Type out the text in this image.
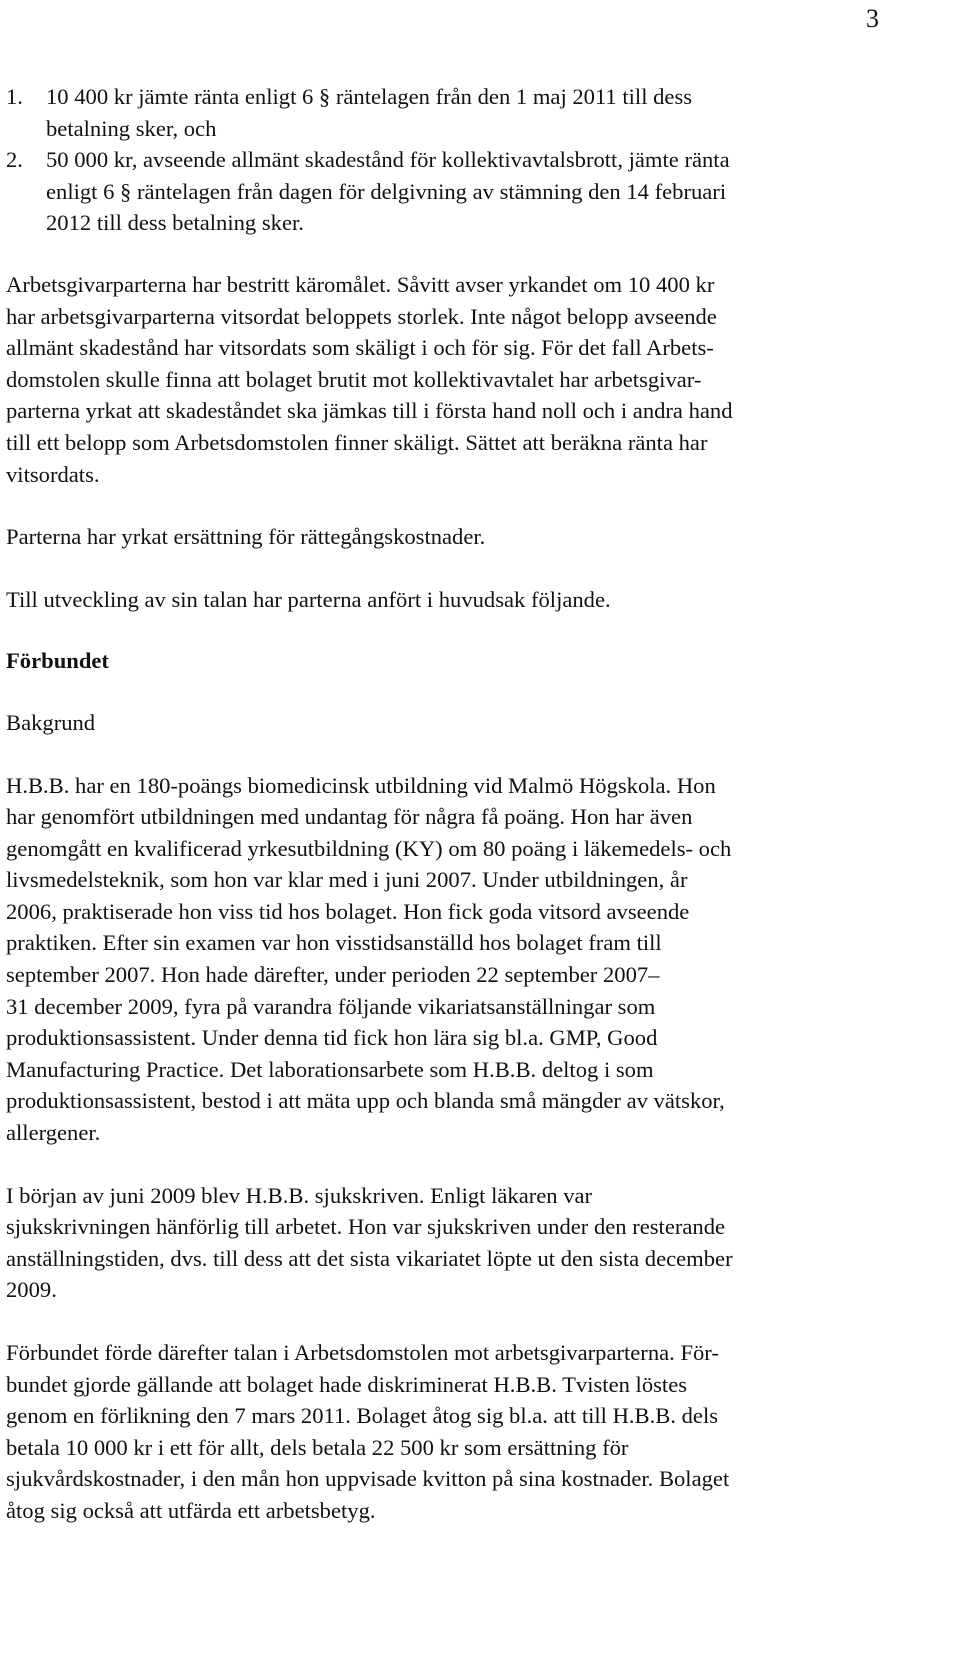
3
1. 10 400 kr jämte ränta enligt 6 § räntelagen från den 1 maj 2011 till dess
betalning sker, och
2. 50 000 kr, avseende allmänt skadestånd för kollektivavtalsbrott, jämte ränta
enligt 6 § räntelagen från dagen för delgivning av stämning den 14 februari
2012 till dess betalning sker.

Arbetsgivarparterna har bestritt käromålet. Såvitt avser yrkandet om 10 400 kr
har arbetsgivarparterna vitsordat beloppets storlek. Inte något belopp avseende
allmänt skadestånd har vitsordats som skäligt i och för sig. För det fall Arbets-
domstolen skulle finna att bolaget brutit mot kollektivavtalet har arbetsgivar-
parterna yrkat att skadeståndet ska jämkas till i första hand noll och i andra hand
till ett belopp som Arbetsdomstolen finner skäligt. Sättet att beräkna ränta har
vitsordats.

Parterna har yrkat ersättning för rättegångskostnader.

Till utveckling av sin talan har parterna anfört i huvudsak följande.

Förbundet
Bakgrund

H.B.B. har en 180-poängs biomedicinsk utbildning vid Malmö Högskola. Hon
har genomfört utbildningen med undantag för några få poäng. Hon har även
genomgått en kvalificerad yrkesutbildning (KY) om 80 poäng i läkemedels- och
livsmedelsteknik, som hon var klar med i juni 2007. Under utbildningen, år
2006, praktiserade hon viss tid hos bolaget. Hon fick goda vitsord avseende
praktiken. Efter sin examen var hon visstidsanställd hos bolaget fram till
september 2007. Hon hade därefter, under perioden 22 september 2007–
31 december 2009, fyra på varandra följande vikariatsanställningar som
produktionsassistent. Under denna tid fick hon lära sig bl.a. GMP, Good
Manufacturing Practice. Det laborationsarbete som H.B.B. deltog i som
produktionsassistent, bestod i att mäta upp och blanda små mängder av vätskor,
allergener.

I början av juni 2009 blev H.B.B. sjukskriven. Enligt läkaren var
sjukskrivningen hänförlig till arbetet. Hon var sjukskriven under den resterande
anställningstiden, dvs. till dess att det sista vikariatet löpte ut den sista december
2009.

Förbundet förde därefter talan i Arbetsdomstolen mot arbetsgivarparterna. För-
bundet gjorde gällande att bolaget hade diskriminerat H.B.B. Tvisten löstes
genom en förlikning den 7 mars 2011. Bolaget åtog sig bl.a. att till H.B.B. dels
betala 10 000 kr i ett för allt, dels betala 22 500 kr som ersättning för
sjukvårdskostnader, i den mån hon uppvisade kvitton på sina kostnader. Bolaget
åtog sig också att utfärda ett arbetsbetyg.
